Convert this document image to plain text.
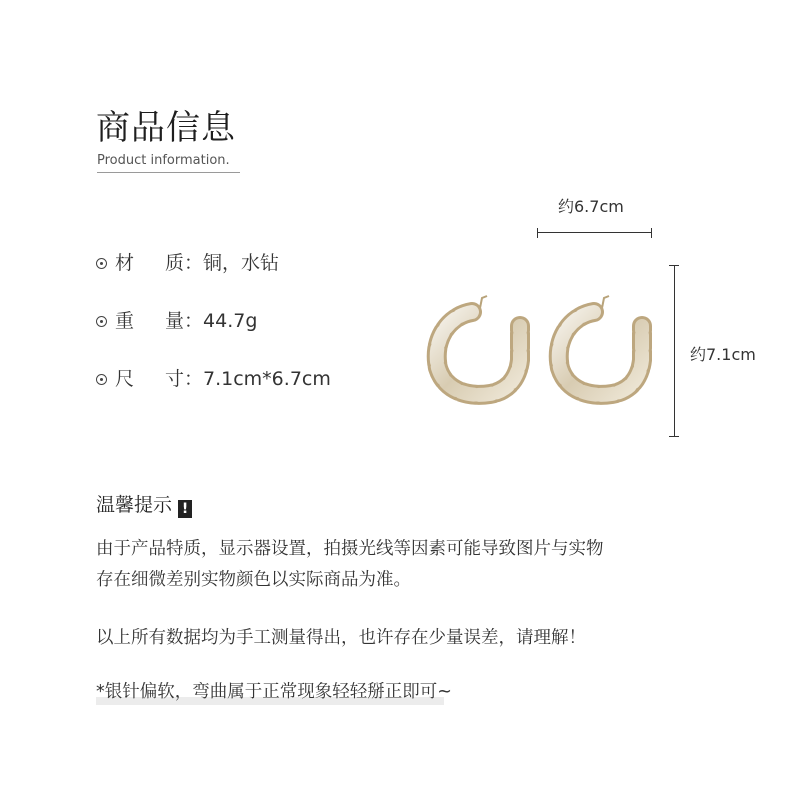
商品信息
Product information.
材 质：铜，水钻
重 量：44.7g
尺 寸：7.1cm*6.7cm
约6.7cm
约7.1cm
温馨提示 !
由于产品特质，显示器设置，拍摄光线等因素可能导致图片与实物
存在细微差别实物颜色以实际商品为准。
以上所有数据均为手工测量得出，也许存在少量误差，请理解！
*银针偏软，弯曲属于正常现象轻轻掰正即可~
